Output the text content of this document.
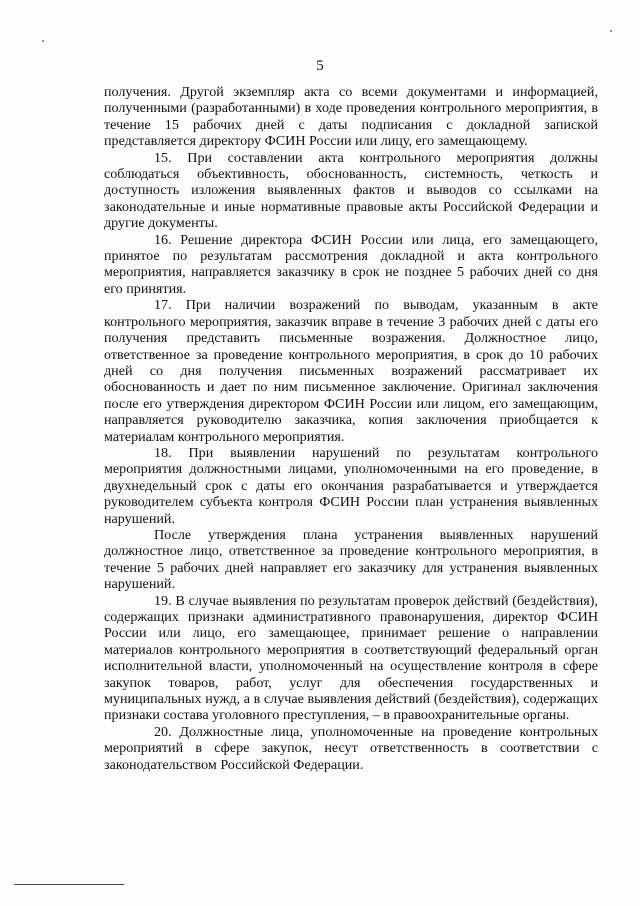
5

получения. Другой экземпляр акта со всеми документами и информацией, полученными (разработанными) в ходе проведения контрольного мероприятия, в течение 15 рабочих дней с даты подписания с докладной запиской представляется директору ФСИН России или лицу, его замещающему.

15. При составлении акта контрольного мероприятия должны соблюдаться объективность, обоснованность, системность, четкость и доступность изложения выявленных фактов и выводов со ссылками на законодательные и иные нормативные правовые акты Российской Федерации и другие документы.

16. Решение директора ФСИН России или лица, его замещающего, принятое по результатам рассмотрения докладной и акта контрольного мероприятия, направляется заказчику в срок не позднее 5 рабочих дней со дня его принятия.

17. При наличии возражений по выводам, указанным в акте контрольного мероприятия, заказчик вправе в течение 3 рабочих дней с даты его получения представить письменные возражения. Должностное лицо, ответственное за проведение контрольного мероприятия, в срок до 10 рабочих дней со дня получения письменных возражений рассматривает их обоснованность и дает по ним письменное заключение. Оригинал заключения после его утверждения директором ФСИН России или лицом, его замещающим, направляется руководителю заказчика, копия заключения приобщается к материалам контрольного мероприятия.

18. При выявлении нарушений по результатам контрольного мероприятия должностными лицами, уполномоченными на его проведение, в двухнедельный срок с даты его окончания разрабатывается и утверждается руководителем субъекта контроля ФСИН России план устранения выявленных нарушений.

После утверждения плана устранения выявленных нарушений должностное лицо, ответственное за проведение контрольного мероприятия, в течение 5 рабочих дней направляет его заказчику для устранения выявленных нарушений.

19. В случае выявления по результатам проверок действий (бездействия), содержащих признаки административного правонарушения, директор ФСИН России или лицо, его замещающее, принимает решение о направлении материалов контрольного мероприятия в соответствующий федеральный орган исполнительной власти, уполномоченный на осуществление контроля в сфере закупок товаров, работ, услуг для обеспечения государственных и муниципальных нужд, а в случае выявления действий (бездействия), содержащих признаки состава уголовного преступления, – в правоохранительные органы.

20. Должностные лица, уполномоченные на проведение контрольных мероприятий в сфере закупок, несут ответственность в соответствии с законодательством Российской Федерации.
